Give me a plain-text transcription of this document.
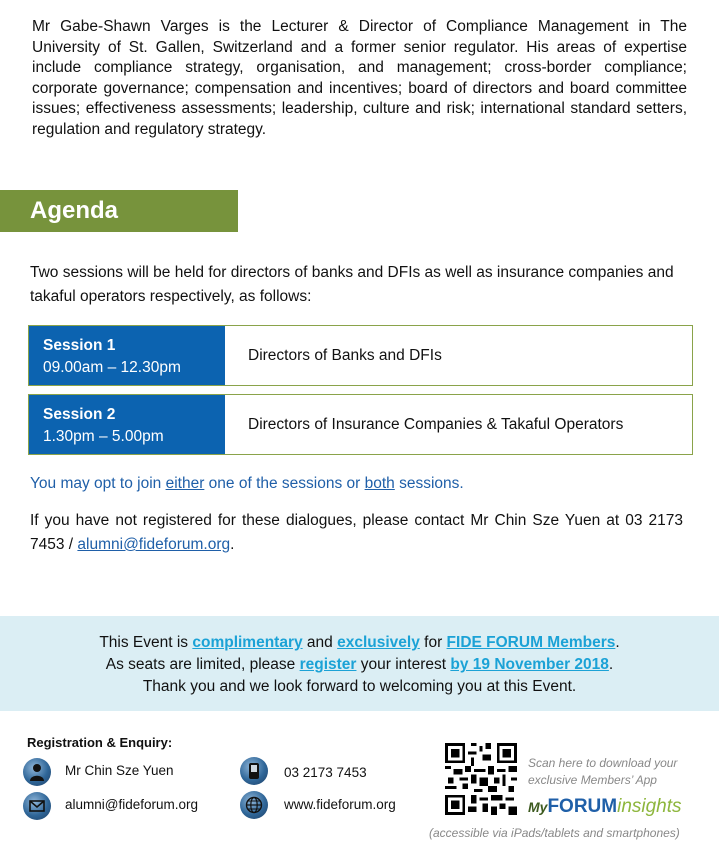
Mr Gabe-Shawn Varges is the Lecturer & Director of Compliance Management in The University of St. Gallen, Switzerland and a former senior regulator. His areas of expertise include compliance strategy, organisation, and management; cross-border compliance; corporate governance; compensation and incentives; board of directors and board committee issues; effectiveness assessments; leadership, culture and risk; international standard setters, regulation and regulatory strategy.

Agenda

Two sessions will be held for directors of banks and DFIs as well as insurance companies and takaful operators respectively, as follows:

Session 1
09.00am – 12.30pm
Directors of Banks and DFIs
Session 2
1.30pm – 5.00pm
Directors of Insurance Companies & Takaful Operators

You may opt to join either one of the sessions or both sessions.

If you have not registered for these dialogues, please contact Mr Chin Sze Yuen at 03 2173 7453 / alumni@fideforum.org.

This Event is complimentary and exclusively for FIDE FORUM Members.
As seats are limited, please register your interest by 19 November 2018.
Thank you and we look forward to welcoming you at this Event.
Registration & Enquiry:
Mr Chin Sze Yuen	03 2173 7453
alumni@fideforum.org	www.fideforum.org
Scan here to download your
exclusive Members’ App
MyFORUMinsights
(accessible via iPads/tablets and smartphones)
